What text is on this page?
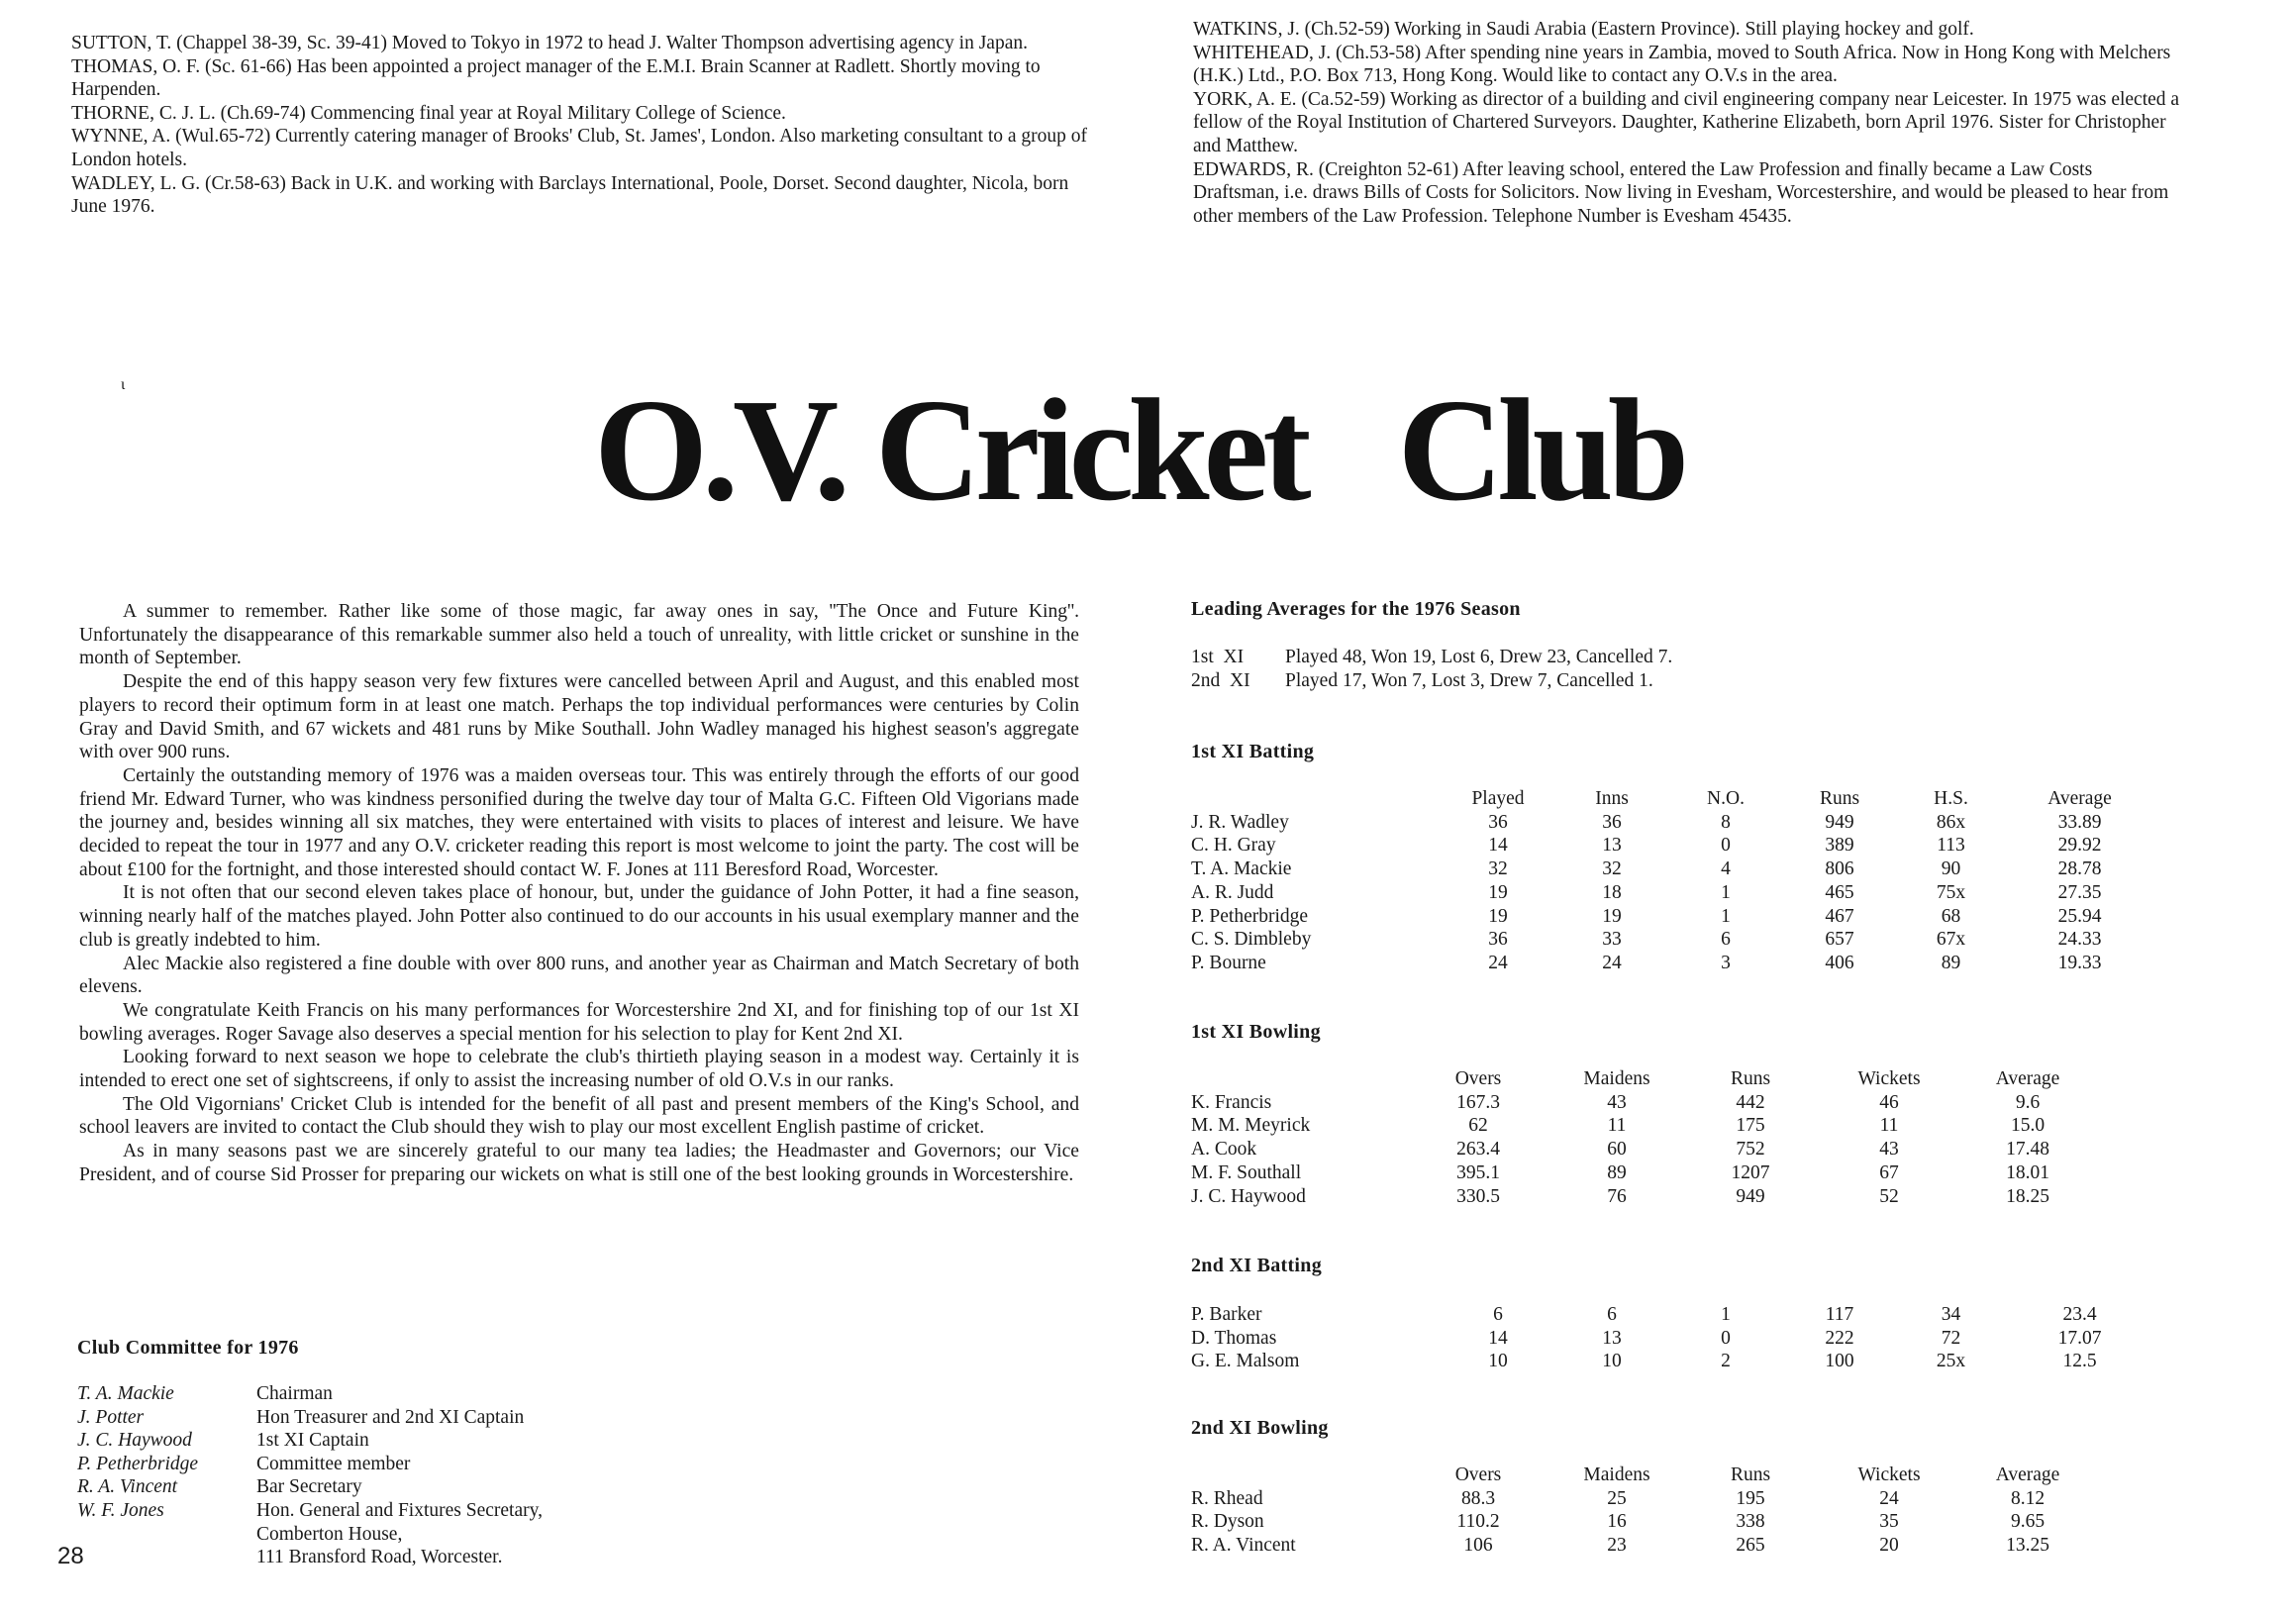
SUTTON, T. (Chappel 38-39, Sc. 39-41) Moved to Tokyo in 1972 to head J. Walter Thompson advertising agency in Japan.

THOMAS, O. F. (Sc. 61-66) Has been appointed a project manager of the E.M.I. Brain Scanner at Radlett. Shortly moving to Harpenden.

THORNE, C. J. L. (Ch.69-74) Commencing final year at Royal Military College of Science.

WYNNE, A. (Wul.65-72) Currently catering manager of Brooks' Club, St. James', London. Also marketing consultant to a group of London hotels.

WADLEY, L. G. (Cr.58-63) Back in U.K. and working with Barclays International, Poole, Dorset. Second daughter, Nicola, born June 1976.

WATKINS, J. (Ch.52-59) Working in Saudi Arabia (Eastern Province). Still playing hockey and golf.

WHITEHEAD, J. (Ch.53-58) After spending nine years in Zambia, moved to South Africa. Now in Hong Kong with Melchers (H.K.) Ltd., P.O. Box 713, Hong Kong. Would like to contact any O.V.s in the area.

YORK, A. E. (Ca.52-59) Working as director of a building and civil engineering company near Leicester. In 1975 was elected a fellow of the Royal Institution of Chartered Surveyors. Daughter, Katherine Elizabeth, born April 1976. Sister for Christopher and Matthew.

EDWARDS, R. (Creighton 52-61) After leaving school, entered the Law Profession and finally became a Law Costs Draftsman, i.e. draws Bills of Costs for Solicitors. Now living in Evesham, Worcestershire, and would be pleased to hear from other members of the Law Profession. Telephone Number is Evesham 45435.

ɩ	O.V. Cricket   Club

A summer to remember. Rather like some of those magic, far away ones in say, ''The Once and Future King''. Unfortunately the disappearance of this remarkable summer also held a touch of unreality, with little cricket or sunshine in the month of September.

Despite the end of this happy season very few fixtures were cancelled between April and August, and this enabled most players to record their optimum form in at least one match. Perhaps the top individual performances were centuries by Colin Gray and David Smith, and 67 wickets and 481 runs by Mike Southall. John Wadley managed his highest season's aggregate with over 900 runs.

Certainly the outstanding memory of 1976 was a maiden overseas tour. This was entirely through the efforts of our good friend Mr. Edward Turner, who was kindness personified during the twelve day tour of Malta G.C. Fifteen Old Vigorians made the journey and, besides winning all six matches, they were entertained with visits to places of interest and leisure. We have decided to repeat the tour in 1977 and any O.V. cricketer reading this report is most welcome to joint the party. The cost will be about £100 for the fortnight, and those interested should contact W. F. Jones at 111 Beresford Road, Worcester.

It is not often that our second eleven takes place of honour, but, under the guidance of John Potter, it had a fine season, winning nearly half of the matches played. John Potter also continued to do our accounts in his usual exemplary manner and the club is greatly indebted to him.

Alec Mackie also registered a fine double with over 800 runs, and another year as Chairman and Match Secretary of both elevens.

We congratulate Keith Francis on his many performances for Worcestershire 2nd XI, and for finishing top of our 1st XI bowling averages. Roger Savage also deserves a special mention for his selection to play for Kent 2nd XI.

Looking forward to next season we hope to celebrate the club's thirtieth playing season in a modest way. Certainly it is intended to erect one set of sightscreens, if only to assist the increasing number of old O.V.s in our ranks.

The Old Vigornians' Cricket Club is intended for the benefit of all past and present members of the King's School, and school leavers are invited to contact the Club should they wish to play our most excellent English pastime of cricket.

As in many seasons past we are sincerely grateful to our many tea ladies; the Headmaster and Governors; our Vice President, and of course Sid Prosser for preparing our wickets on what is still one of the best looking grounds in Worcestershire.

Club Committee for 1976
T. A. Mackie	Chairman
J. Potter	Hon Treasurer and 2nd XI Captain
J. C. Haywood	1st XI Captain
P. Petherbridge	Committee member
R. A. Vincent	Bar Secretary
W. F. Jones	Hon. General and Fixtures Secretary,
Comberton House,
111 Bransford Road, Worcester.
28
Leading Averages for the 1976 Season
1st  XI Played 48, Won 19, Lost 6, Drew 23, Cancelled 7.
2nd  XI Played 17, Won 7, Lost 3, Drew 7, Cancelled 1.
1st XI Batting
	Played	Inns	N.O.	Runs	H.S.	Average
J. R. Wadley	36	36	8	949	86x	33.89
C. H. Gray	14	13	0	389	113	29.92
T. A. Mackie	32	32	4	806	90	28.78
A. R. Judd	19	18	1	465	75x	27.35
P. Petherbridge	19	19	1	467	68	25.94
C. S. Dimbleby	36	33	6	657	67x	24.33
P. Bourne	24	24	3	406	89	19.33
1st XI Bowling
	Overs	Maidens	Runs	Wickets	Average
K. Francis	167.3	43	442	46	9.6
M. M. Meyrick	62	11	175	11	15.0
A. Cook	263.4	60	752	43	17.48
M. F. Southall	395.1	89	1207	67	18.01
J. C. Haywood	330.5	76	949	52	18.25
2nd XI Batting
P. Barker	6	6	1	117	34	23.4
D. Thomas	14	13	0	222	72	17.07
G. E. Malsom	10	10	2	100	25x	12.5
2nd XI Bowling
	Overs	Maidens	Runs	Wickets	Average
R. Rhead	88.3	25	195	24	8.12
R. Dyson	110.2	16	338	35	9.65
R. A. Vincent	106	23	265	20	13.25
